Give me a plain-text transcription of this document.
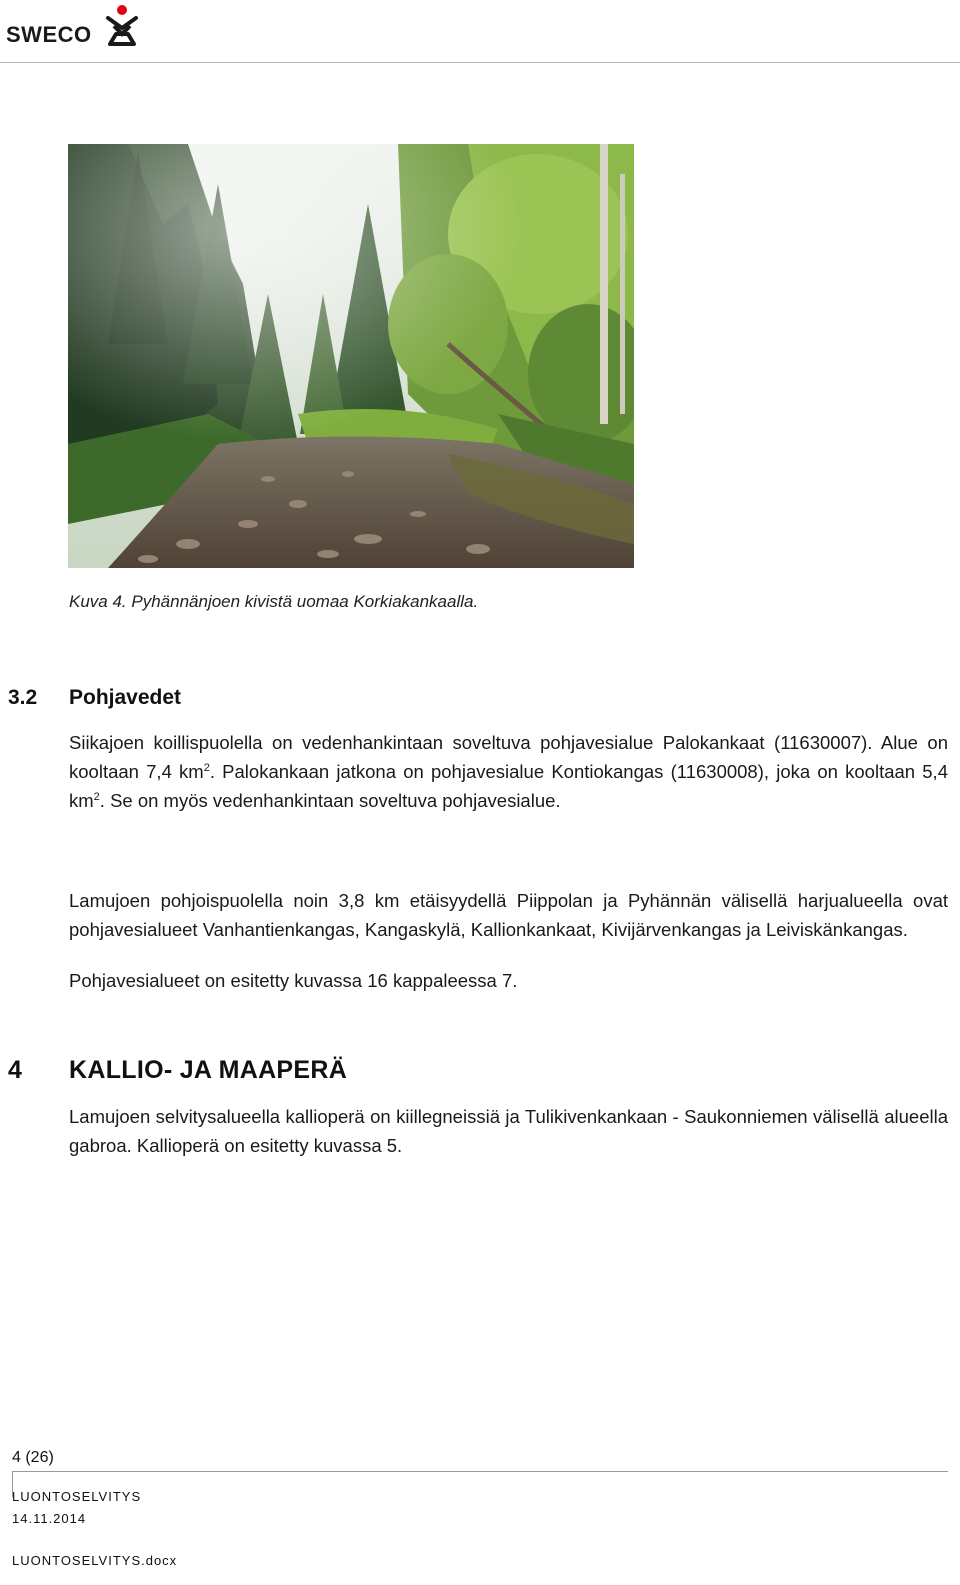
SWECO
Kuva 4. Pyhännänjoen kivistä uomaa Korkiakankaalla.
3.2 Pohjavedet

Siikajoen koillispuolella on vedenhankintaan soveltuva pohjavesialue Palokankaat (11630007). Alue on kooltaan 7,4 $km^2$. Palokankaan jatkona on pohjavesialue Kontiokangas (11630008), joka on kooltaan 5,4 $km^2$. Se on myös vedenhankintaan soveltuva pohjavesialue.

Lamujoen pohjoispuolella noin 3,8 km etäisyydellä Piippolan ja Pyhännän välisellä harjualueella ovat pohjavesialueet Vanhantienkangas, Kangaskylä, Kallionkankaat, Kivijärvenkangas ja Leiviskänkangas.

Pohjavesialueet on esitetty kuvassa 16 kappaleessa 7.

4 KALLIO- JA MAAPERÄ

Lamujoen selvitysalueella kallioperä on kiillegneissiä ja Tulikivenkankaan - Saukonniemen välisellä alueella gabroa. Kallioperä on esitetty kuvassa 5.

4 (26)
LUONTOSELVITYS
14.11.2014
LUONTOSELVITYS.docx
